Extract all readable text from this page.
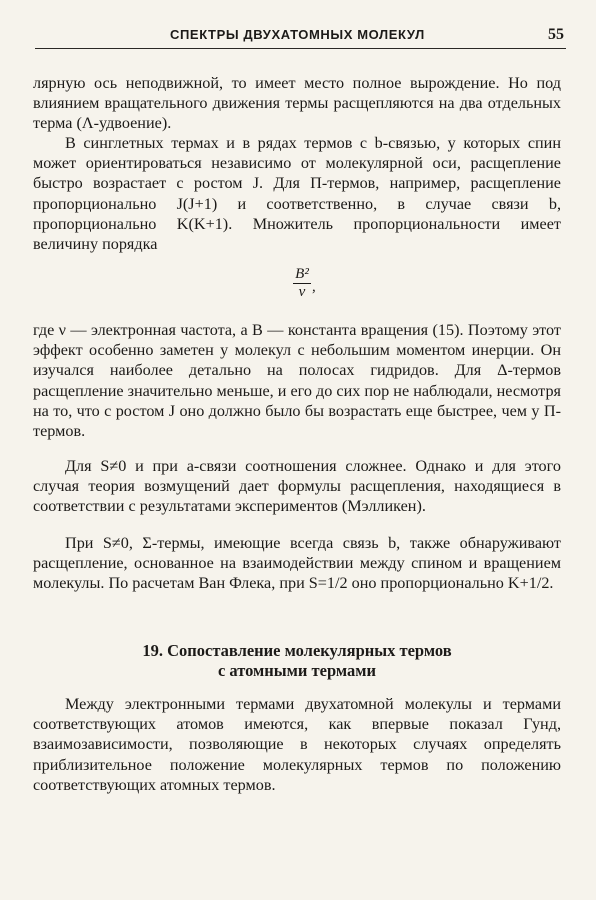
СПЕКТРЫ ДВУХАТОМНЫХ МОЛЕКУЛ	55

лярную ось неподвижной, то имеет место полное вырождение. Но под влиянием вращательного движения термы расщепляются на два отдельных терма (Λ-удвоение).

В синглетных термах и в рядах термов с b-связью, у которых спин может ориентироваться независимо от молекулярной оси, расщепление быстро возрастает с ростом J. Для П-термов, например, расщепление пропорционально J(J+1) и соответственно, в случае связи b, пропорционально K(K+1). Множитель пропорциональности имеет величину порядка

$\frac{\text{B²}}{\nu}$ ,

где ν — электронная частота, а B — константа вращения (15). Поэтому этот эффект особенно заметен у молекул с небольшим моментом инерции. Он изучался наиболее детально на полосах гидридов. Для Δ-термов расщепление значительно меньше, и его до сих пор не наблюдали, несмотря на то, что с ростом J оно должно было бы возрастать еще быстрее, чем у П-термов.

Для S≠0 и при a-связи соотношения сложнее. Однако и для этого случая теория возмущений дает формулы расщепления, находящиеся в соответствии с результатами экспериментов (Мэлликен).

При S≠0, Σ-термы, имеющие всегда связь b, также обнаруживают расщепление, основанное на взаимодействии между спином и вращением молекулы. По расчетам Ван Флека, при S=1/2 оно пропорционально K+1/2.

19. Сопоставление молекулярных термов
с атомными термами

Между электронными термами двухатомной молекулы и термами соответствующих атомов имеются, как впервые показал Гунд, взаимозависимости, позволяющие в некоторых случаях определять приблизительное положение молекулярных термов по положению соответствующих атомных термов.
